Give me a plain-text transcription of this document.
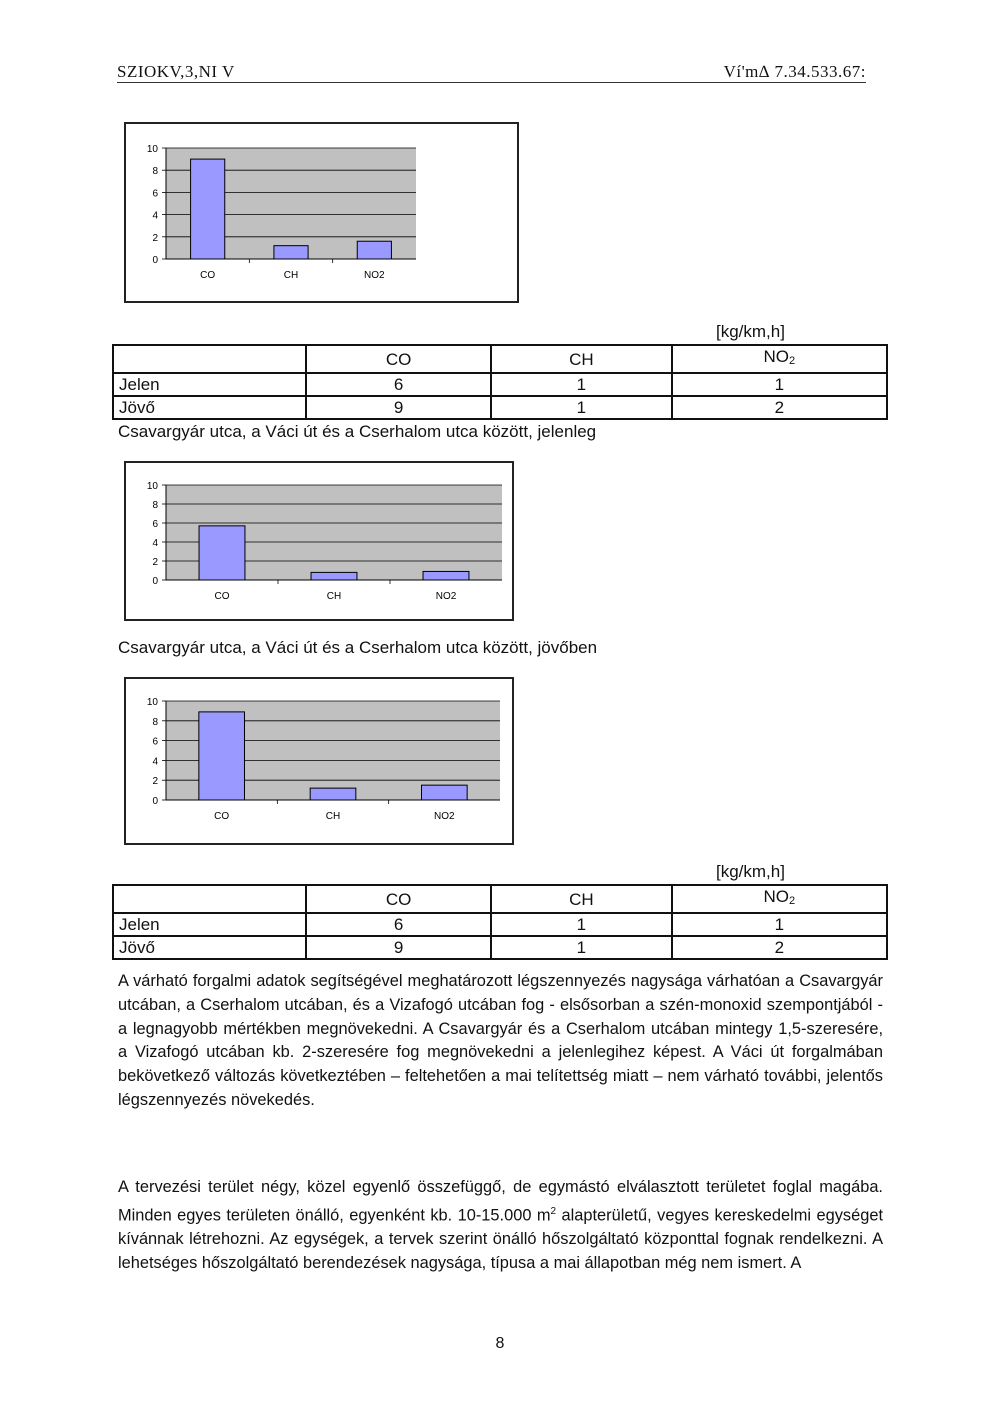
SZIOKV,3,NI V	Ví'm∆ 7.34.533.67:
0
2
4
6
8
10
CO	CH	NO2
[kg/km,h]
	CO	CH	$NO_2$
Jelen	6	1	1
Jövő	9	1	2
Csavargyár utca, a Váci út és a Cserhalom utca között, jelenleg
0
2
4
6
8
10
CO	CH	NO2
Csavargyár utca, a Váci út és a Cserhalom utca között, jövőben
0
2
4
6
8
10
CO	CH	NO2
[kg/km,h]
	CO	CH	$NO_2$
Jelen	6	1	1
Jövő	9	1	2

A várható forgalmi adatok segítségével meghatározott légszennyezés nagysága várhatóan a Csavargyár utcában, a Cserhalom utcában, és a Vizafogó utcában fog - elsősorban a szén-monoxid szempontjából - a legnagyobb mértékben megnövekedni. A Csavargyár és a Cserhalom utcában mintegy 1,5-szeresére, a Vizafogó utcában kb. 2-szeresére fog megnövekedni a jelenlegihez képest. A Váci út forgalmában bekövetkező változás következtében – feltehetően a mai telítettség miatt – nem várható további, jelentős légszennyezés növekedés.

A tervezési terület négy, közel egyenlő összefüggő, de egymástó elválasztott területet foglal magába. Minden egyes területen önálló, egyenként kb. 10-15.000 $m^2$ alapterületű, vegyes kereskedelmi egységet kívánnak létrehozni. Az egységek, a tervek szerint önálló hőszolgáltató központtal fognak rendelkezni. A lehetséges hőszolgáltató berendezések nagysága, típusa a mai állapotban még nem ismert. A

8
